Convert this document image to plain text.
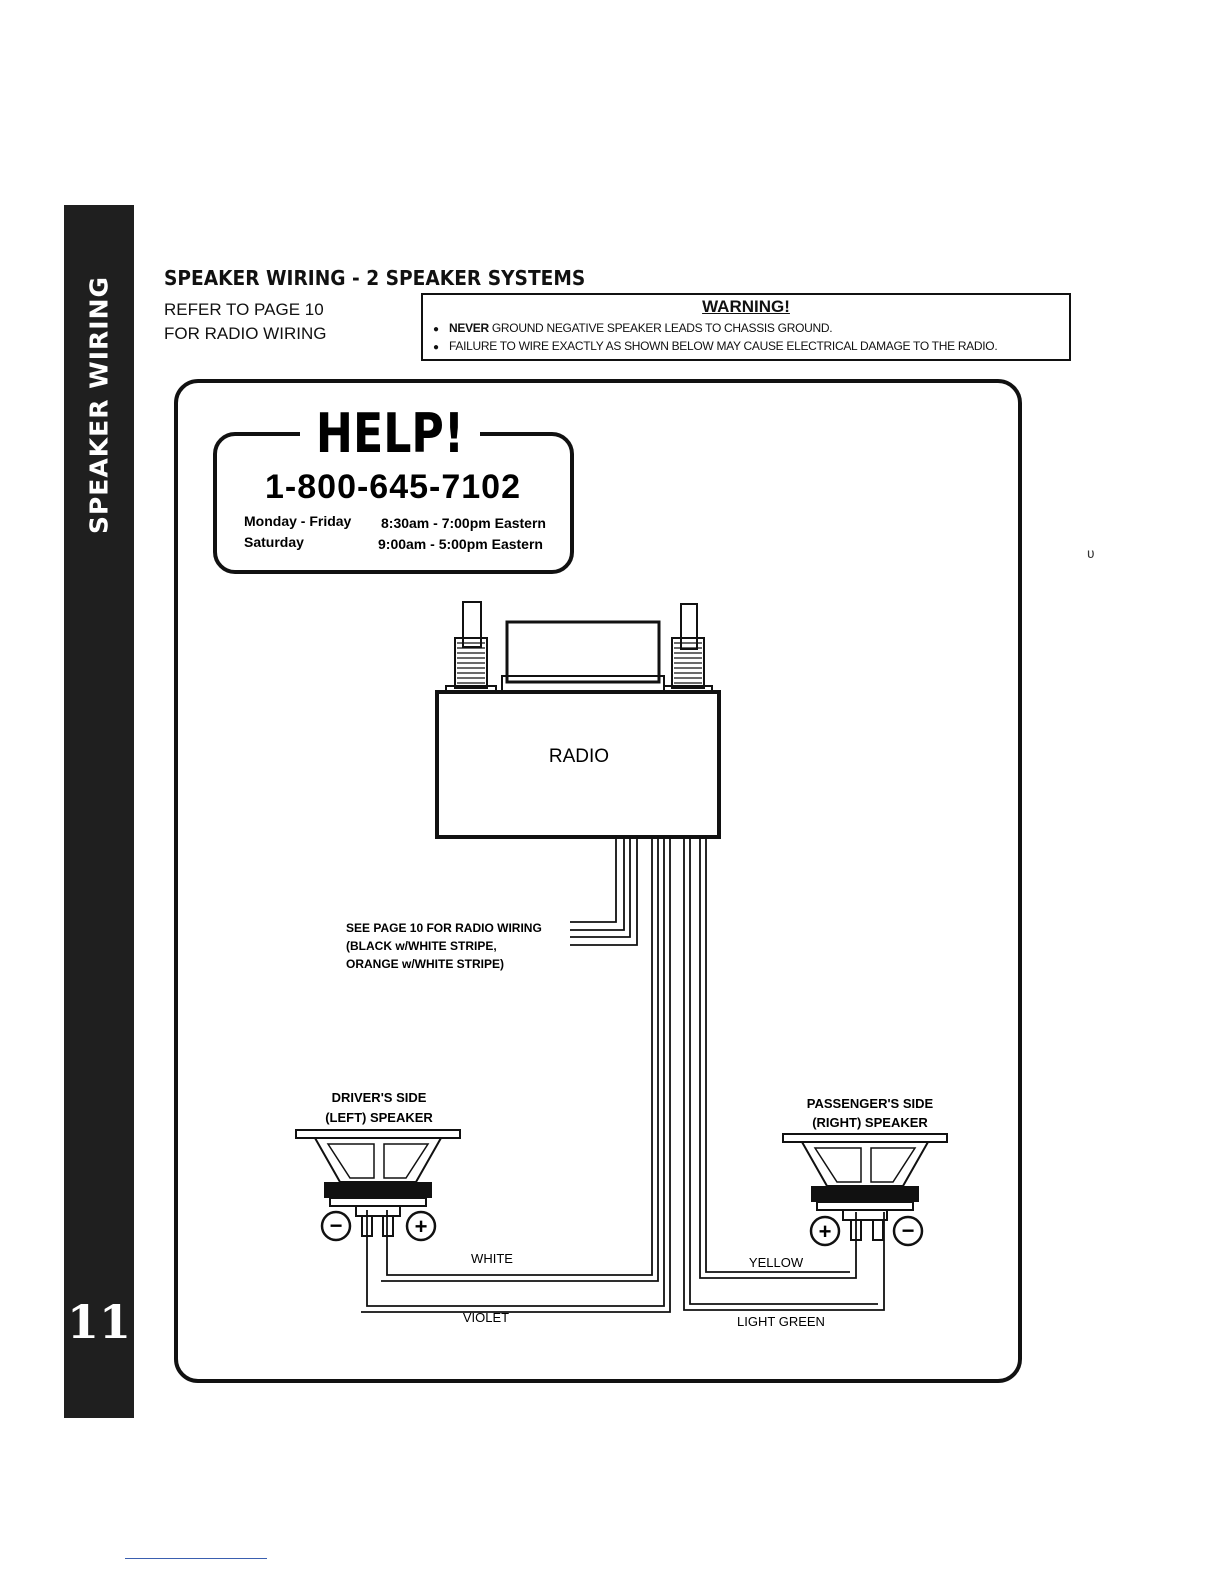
SPEAKER WIRING
11
SPEAKER WIRING - 2 SPEAKER SYSTEMS
REFER TO PAGE 10
FOR RADIO WIRING
WARNING!
● NEVER GROUND NEGATIVE SPEAKER LEADS TO CHASSIS GROUND.
● FAILURE TO WIRE EXACTLY AS SHOWN BELOW MAY CAUSE ELECTRICAL DAMAGE TO THE RADIO.
HELP!
1-800-645-7102
Monday - Friday 8:30am - 7:00pm Eastern
Saturday	9:00am - 5:00pm Eastern
RADIO
SEE PAGE 10 FOR RADIO WIRING
(BLACK w/WHITE STRIPE,
ORANGE w/WHITE STRIPE)
DRIVER'S SIDE
(LEFT) SPEAKER
−	+
PASSENGER'S SIDE
(RIGHT) SPEAKER
+	−
WHITE
VIOLET
YELLOW
LIGHT GREEN
ʋ
